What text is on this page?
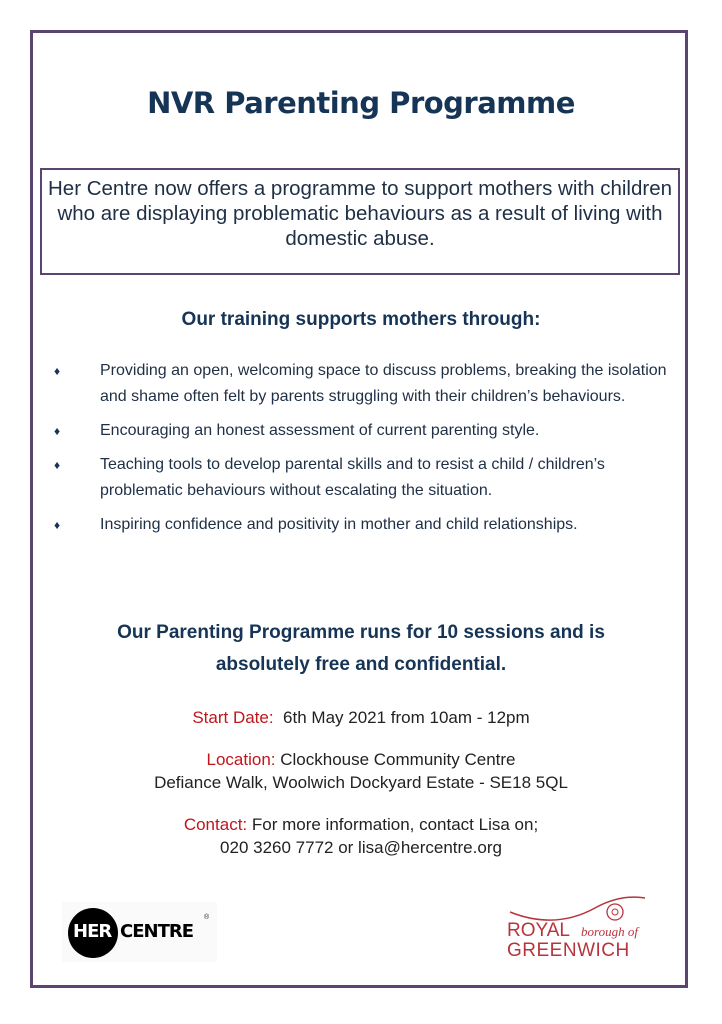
NVR Parenting Programme
Her Centre now offers a programme to support mothers with children who are displaying problematic behaviours as a result of living with domestic abuse.
Our training supports mothers through:
♦ Providing an open, welcoming space to discuss problems, breaking the isolation and shame often felt by parents struggling with their children’s behaviours.
♦ Encouraging an honest assessment of current parenting style.
♦ Teaching tools to develop parental skills and to resist a child / children’s problematic behaviours without escalating the situation.
♦ Inspiring confidence and positivity in mother and child relationships.
Our Parenting Programme runs for 10 sessions and is absolutely free and confidential.
Start Date: 6th May 2021 from 10am - 12pm
Location: Clockhouse Community Centre
Defiance Walk, Woolwich Dockyard Estate - SE18 5QL
Contact: For more information, contact Lisa on;
020 3260 7772 or lisa@hercentre.org
HER CENTRE
®
ROYAL borough of
GREENWICH
